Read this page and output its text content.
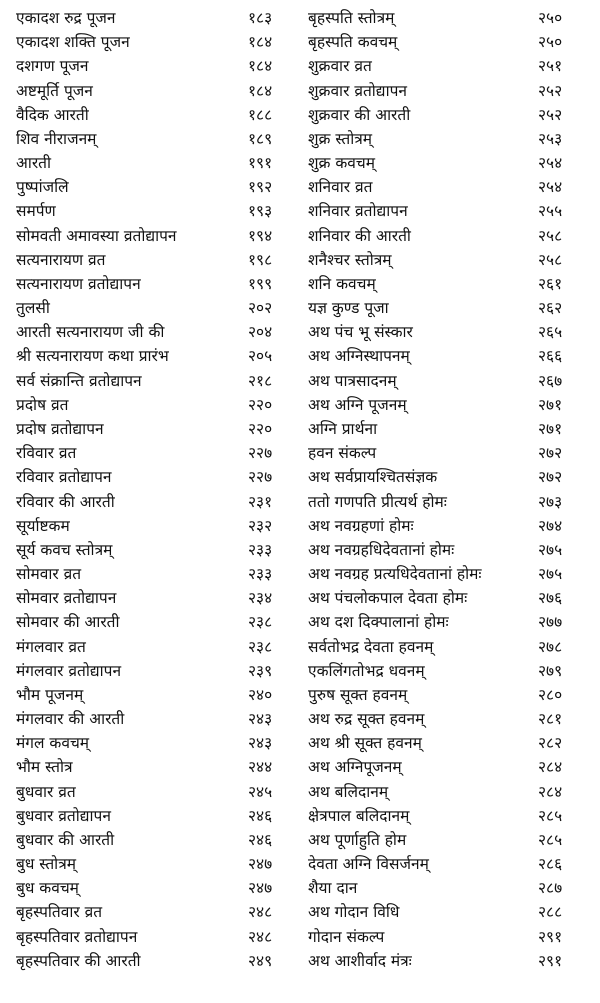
एकादश रुद्र पूजन	१८३
एकादश शक्ति पूजन	१८४
दशगण पूजन	१८४
अष्टमूर्ति पूजन	१८४
वैदिक आरती	१८८
शिव नीराजनम्	१८९
आरती	१९१
पुष्पांजलि	१९२
समर्पण	१९३
सोमवती अमावस्या व्रतोद्यापन	१९४
सत्यनारायण व्रत	१९८
सत्यनारायण व्रतोद्यापन	१९९
तुलसी	२०२
आरती सत्यनारायण जी की	२०४
श्री सत्यनारायण कथा प्रारंभ	२०५
सर्व संक्रान्ति व्रतोद्यापन	२१८
प्रदोष व्रत	२२०
प्रदोष व्रतोद्यापन	२२०
रविवार व्रत	२२७
रविवार व्रतोद्यापन	२२७
रविवार की आरती	२३१
सूर्याष्टकम	२३२
सूर्य कवच स्तोत्रम्	२३३
सोमवार व्रत	२३३
सोमवार व्रतोद्यापन	२३४
सोमवार की आरती	२३८
मंगलवार व्रत	२३८
मंगलवार व्रतोद्यापन	२३९
भौम पूजनम्	२४०
मंगलवार की आरती	२४३
मंगल कवचम्	२४३
भौम स्तोत्र	२४४
बुधवार व्रत	२४५
बुधवार व्रतोद्यापन	२४६
बुधवार की आरती	२४६
बुध स्तोत्रम्	२४७
बुध कवचम्	२४७
बृहस्पतिवार व्रत	२४८
बृहस्पतिवार व्रतोद्यापन	२४८
बृहस्पतिवार की आरती	२४९
बृहस्पति स्तोत्रम्	२५०
बृहस्पति कवचम्	२५०
शुक्रवार व्रत	२५१
शुक्रवार व्रतोद्यापन	२५२
शुक्रवार की आरती	२५२
शुक्र स्तोत्रम्	२५३
शुक्र कवचम्	२५४
शनिवार व्रत	२५४
शनिवार व्रतोद्यापन	२५५
शनिवार की आरती	२५८
शनैश्चर स्तोत्रम्	२५८
शनि कवचम्	२६१
यज्ञ कुण्ड पूजा	२६२
अथ पंच भू संस्कार	२६५
अथ अग्निस्थापनम्	२६६
अथ पात्रसादनम्	२६७
अथ अग्नि पूजनम्	२७१
अग्नि प्रार्थना	२७१
हवन संकल्प	२७२
अथ सर्वप्रायश्चितसंज्ञक	२७२
ततो गणपति प्रीत्यर्थ होमः	२७३
अथ नवग्रहणां होमः	२७४
अथ नवग्रहधिदेवतानां होमः	२७५
अथ नवग्रह प्रत्यधिदेवतानां होमः	२७५
अथ पंचलोकपाल देवता होमः	२७६
अथ दश दिक्पालानां होमः	२७७
सर्वतोभद्र देवता हवनम्	२७८
एकलिंगतोभद्र धवनम्	२७९
पुरुष सूक्त हवनम्	२८०
अथ रुद्र सूक्त हवनम्	२८१
अथ श्री सूक्त हवनम्	२८२
अथ अग्निपूजनम्	२८४
अथ बलिदानम्	२८४
क्षेत्रपाल बलिदानम्	२८५
अथ पूर्णाहुति होम	२८५
देवता अग्नि विसर्जनम्	२८६
शैया दान	२८७
अथ गोदान विधि	२८८
गोदान संकल्प	२९१
अथ आशीर्वाद मंत्रः	२९१
